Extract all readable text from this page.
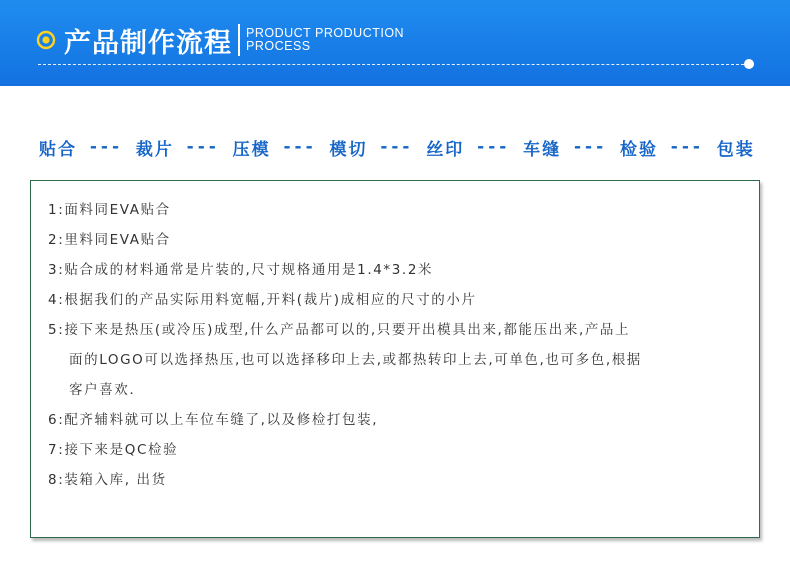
产品制作流程 PRODUCT PRODUCTION
PROCESS
贴合 --- 裁片 --- 压模 --- 模切 --- 丝印 --- 车缝 --- 检验 --- 包装
1:面料同EVA贴合
2:里料同EVA贴合
3:贴合成的材料通常是片装的,尺寸规格通用是1.4*3.2米
4:根据我们的产品实际用料宽幅,开料(裁片)成相应的尺寸的小片
5:接下来是热压(或冷压)成型,什么产品都可以的,只要开出模具出来,都能压出来,产品上
面的LOGO可以选择热压,也可以选择移印上去,或都热转印上去,可单色,也可多色,根据
客户喜欢.
6:配齐辅料就可以上车位车缝了,以及修检打包装,
7:接下来是QC检验
8:装箱入库, 出货
